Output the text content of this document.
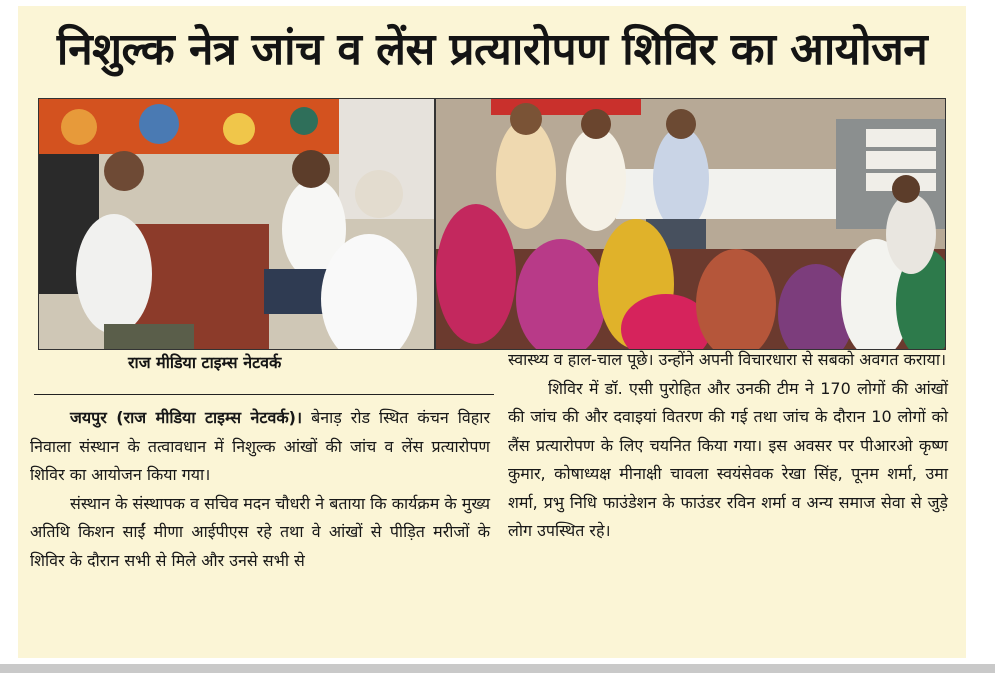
निशुल्क नेत्र जांच व लेंस प्रत्यारोपण शिविर का आयोजन
राज मीडिया टाइम्स नेटवर्क

जयपुर (राज मीडिया टाइम्स नेटवर्क)। बेनाड़ रोड स्थित कंचन विहार निवाला संस्थान के तत्वावधान में निशुल्क आंखों की जांच व लेंस प्रत्यारोपण शिविर का आयोजन किया गया।

संस्थान के संस्थापक व सचिव मदन चौधरी ने बताया कि कार्यक्रम के मुख्य अतिथि किशन साईं मीणा आईपीएस रहे तथा वे आंखों से पीड़ित मरीजों के शिविर के दौरान सभी से मिले और उनसे सभी से

स्वास्थ्य व हाल-चाल पूछे। उन्होंने अपनी विचारधारा से सबको अवगत कराया।

शिविर में डॉ. एसी पुरोहित और उनकी टीम ने 170 लोगों की आंखों की जांच की और दवाइयां वितरण की गई तथा जांच के दौरान 10 लोगों को लैंस प्रत्यारोपण के लिए चयनित किया गया। इस अवसर पर पीआरओ कृष्ण कुमार, कोषाध्यक्ष मीनाक्षी चावला स्वयंसेवक रेखा सिंह, पूनम शर्मा, उमा शर्मा, प्रभु निधि फाउंडेशन के फाउंडर रविन शर्मा व अन्य समाज सेवा से जुड़े लोग उपस्थित रहे।
